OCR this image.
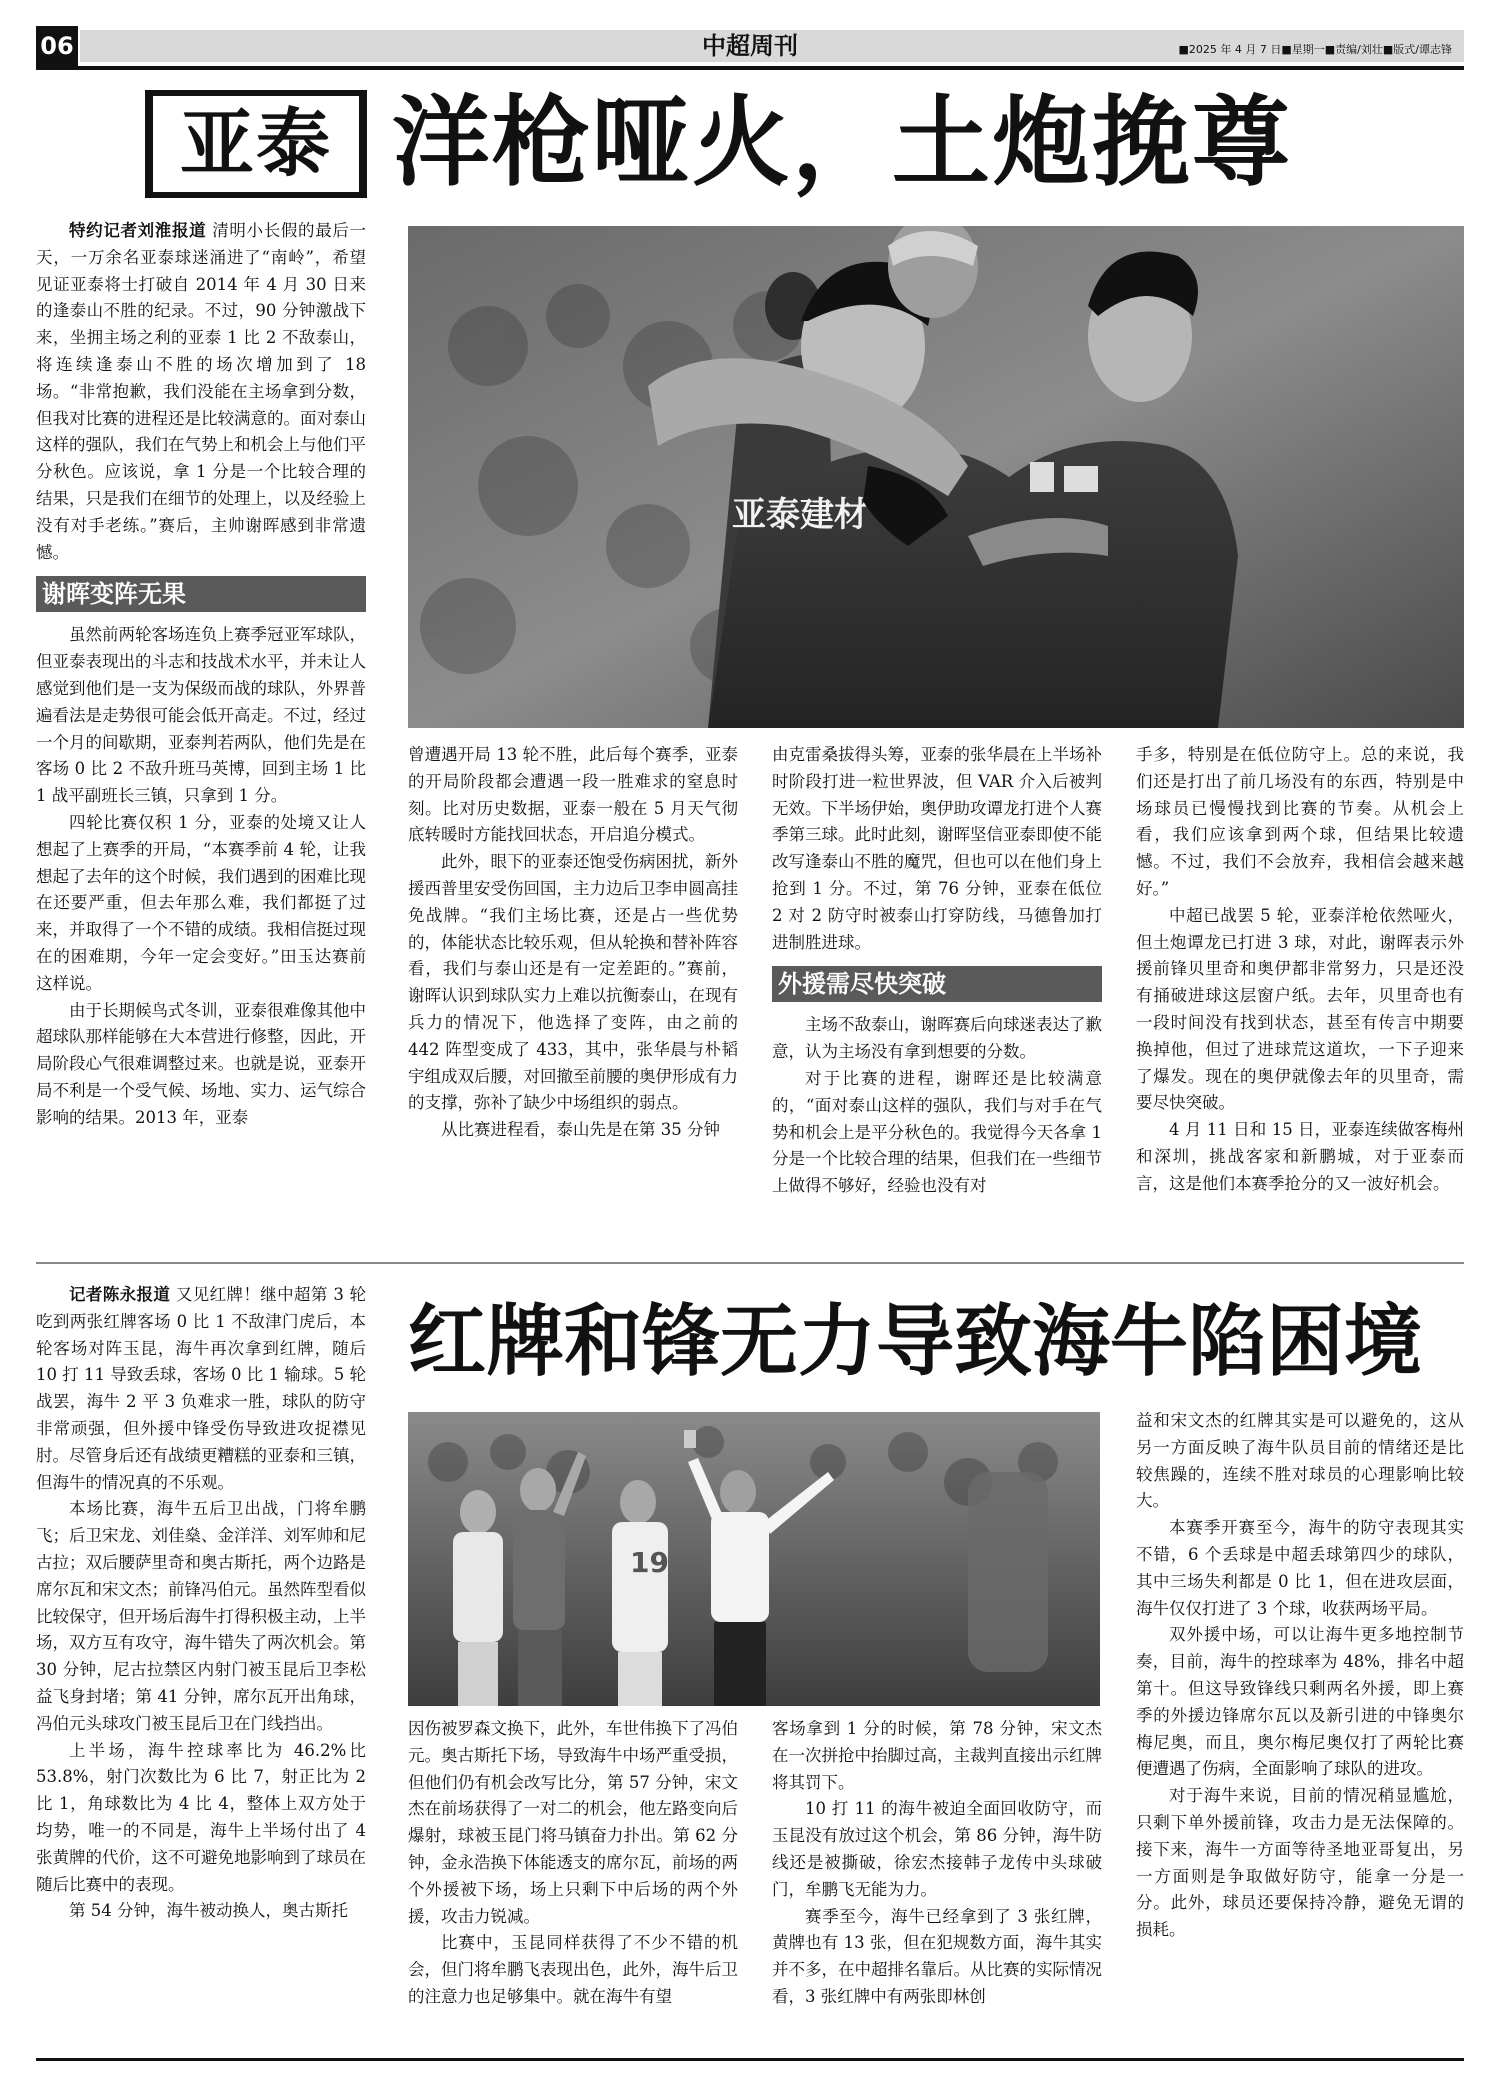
06	■2025 年 4 月 7 日■星期一■责编/刘壮■版式/谭志锋
中超周刊
亚泰 洋枪哑火，土炮挽尊

特约记者刘淮报道 清明小长假的最后一天，一万余名亚泰球迷涌进了“南岭”，希望见证亚泰将士打破自 2014 年 4 月 30 日来的逢泰山不胜的纪录。不过，90 分钟激战下来，坐拥主场之利的亚泰 1 比 2 不敌泰山，将连续逢泰山不胜的场次增加到了 18 场。“非常抱歉，我们没能在主场拿到分数，但我对比赛的进程还是比较满意的。面对泰山这样的强队，我们在气势上和机会上与他们平分秋色。应该说，拿 1 分是一个比较合理的结果，只是我们在细节的处理上，以及经验上没有对手老练。”赛后，主帅谢晖感到非常遗憾。

谢晖变阵无果

虽然前两轮客场连负上赛季冠亚军球队，但亚泰表现出的斗志和技战术水平，并未让人感觉到他们是一支为保级而战的球队，外界普遍看法是走势很可能会低开高走。不过，经过一个月的间歇期，亚泰判若两队，他们先是在客场 0 比 2 不敌升班马英博，回到主场 1 比 1 战平副班长三镇，只拿到 1 分。

四轮比赛仅积 1 分，亚泰的处境又让人想起了上赛季的开局，“本赛季前 4 轮，让我想起了去年的这个时候，我们遇到的困难比现在还要严重，但去年那么难，我们都挺了过来，并取得了一个不错的成绩。我相信挺过现在的困难期，今年一定会变好。”田玉达赛前这样说。

由于长期候鸟式冬训，亚泰很难像其他中超球队那样能够在大本营进行修整，因此，开局阶段心气很难调整过来。也就是说，亚泰开局不利是一个受气候、场地、实力、运气综合影响的结果。2013 年，亚泰

亚泰建材

曾遭遇开局 13 轮不胜，此后每个赛季，亚泰的开局阶段都会遭遇一段一胜难求的窒息时刻。比对历史数据，亚泰一般在 5 月天气彻底转暖时方能找回状态，开启追分模式。

此外，眼下的亚泰还饱受伤病困扰，新外援西普里安受伤回国，主力边后卫李申圆高挂免战牌。“我们主场比赛，还是占一些优势的，体能状态比较乐观，但从轮换和替补阵容看，我们与泰山还是有一定差距的。”赛前，谢晖认识到球队实力上难以抗衡泰山，在现有兵力的情况下，他选择了变阵，由之前的 442 阵型变成了 433，其中，张华晨与朴韬宇组成双后腰，对回撤至前腰的奥伊形成有力的支撑，弥补了缺少中场组织的弱点。

从比赛进程看，泰山先是在第 35 分钟

由克雷桑拔得头筹，亚泰的张华晨在上半场补时阶段打进一粒世界波，但 VAR 介入后被判无效。下半场伊始，奥伊助攻谭龙打进个人赛季第三球。此时此刻，谢晖坚信亚泰即使不能改写逢泰山不胜的魔咒，但也可以在他们身上抢到 1 分。不过，第 76 分钟，亚泰在低位 2 对 2 防守时被泰山打穿防线，马德鲁加打进制胜进球。

外援需尽快突破

主场不敌泰山，谢晖赛后向球迷表达了歉意，认为主场没有拿到想要的分数。

对于比赛的进程，谢晖还是比较满意的，“面对泰山这样的强队，我们与对手在气势和机会上是平分秋色的。我觉得今天各拿 1 分是一个比较合理的结果，但我们在一些细节上做得不够好，经验也没有对

手多，特别是在低位防守上。总的来说，我们还是打出了前几场没有的东西，特别是中场球员已慢慢找到比赛的节奏。从机会上看，我们应该拿到两个球，但结果比较遗憾。不过，我们不会放弃，我相信会越来越好。”

中超已战罢 5 轮，亚泰洋枪依然哑火，但土炮谭龙已打进 3 球，对此，谢晖表示外援前锋贝里奇和奥伊都非常努力，只是还没有捅破进球这层窗户纸。去年，贝里奇也有一段时间没有找到状态，甚至有传言中期要换掉他，但过了进球荒这道坎，一下子迎来了爆发。现在的奥伊就像去年的贝里奇，需要尽快突破。

4 月 11 日和 15 日，亚泰连续做客梅州和深圳，挑战客家和新鹏城，对于亚泰而言，这是他们本赛季抢分的又一波好机会。

红牌和锋无力导致海牛陷困境

记者陈永报道 又见红牌！继中超第 3 轮吃到两张红牌客场 0 比 1 不敌津门虎后，本轮客场对阵玉昆，海牛再次拿到红牌，随后 10 打 11 导致丢球，客场 0 比 1 输球。5 轮战罢，海牛 2 平 3 负难求一胜，球队的防守非常顽强，但外援中锋受伤导致进攻捉襟见肘。尽管身后还有战绩更糟糕的亚泰和三镇，但海牛的情况真的不乐观。

本场比赛，海牛五后卫出战，门将牟鹏飞；后卫宋龙、刘佳燊、金洋洋、刘军帅和尼古拉；双后腰萨里奇和奥古斯托，两个边路是席尔瓦和宋文杰；前锋冯伯元。虽然阵型看似比较保守，但开场后海牛打得积极主动，上半场，双方互有攻守，海牛错失了两次机会。第 30 分钟，尼古拉禁区内射门被玉昆后卫李松益飞身封堵；第 41 分钟，席尔瓦开出角球，冯伯元头球攻门被玉昆后卫在门线挡出。

上半场，海牛控球率比为 46.2%比 53.8%，射门次数比为 6 比 7，射正比为 2 比 1，角球数比为 4 比 4，整体上双方处于均势，唯一的不同是，海牛上半场付出了 4 张黄牌的代价，这不可避免地影响到了球员在随后比赛中的表现。

第 54 分钟，海牛被动换人，奥古斯托

19

因伤被罗森文换下，此外，车世伟换下了冯伯元。奥古斯托下场，导致海牛中场严重受损，但他们仍有机会改写比分，第 57 分钟，宋文杰在前场获得了一对二的机会，他左路变向后爆射，球被玉昆门将马镇奋力扑出。第 62 分钟，金永浩换下体能透支的席尔瓦，前场的两个外援被下场，场上只剩下中后场的两个外援，攻击力锐减。

比赛中，玉昆同样获得了不少不错的机会，但门将牟鹏飞表现出色，此外，海牛后卫的注意力也足够集中。就在海牛有望

客场拿到 1 分的时候，第 78 分钟，宋文杰在一次拼抢中抬脚过高，主裁判直接出示红牌将其罚下。

10 打 11 的海牛被迫全面回收防守，而玉昆没有放过这个机会，第 86 分钟，海牛防线还是被撕破，徐宏杰接韩子龙传中头球破门，牟鹏飞无能为力。

赛季至今，海牛已经拿到了 3 张红牌，黄牌也有 13 张，但在犯规数方面，海牛其实并不多，在中超排名靠后。从比赛的实际情况看，3 张红牌中有两张即林创

益和宋文杰的红牌其实是可以避免的，这从另一方面反映了海牛队员目前的情绪还是比较焦躁的，连续不胜对球员的心理影响比较大。

本赛季开赛至今，海牛的防守表现其实不错，6 个丢球是中超丢球第四少的球队，其中三场失利都是 0 比 1，但在进攻层面，海牛仅仅打进了 3 个球，收获两场平局。

双外援中场，可以让海牛更多地控制节奏，目前，海牛的控球率为 48%，排名中超第十。但这导致锋线只剩两名外援，即上赛季的外援边锋席尔瓦以及新引进的中锋奥尔梅尼奥，而且，奥尔梅尼奥仅打了两轮比赛便遭遇了伤病，全面影响了球队的进攻。

对于海牛来说，目前的情况稍显尴尬，只剩下单外援前锋，攻击力是无法保障的。接下来，海牛一方面等待圣地亚哥复出，另一方面则是争取做好防守，能拿一分是一分。此外，球员还要保持冷静，避免无谓的损耗。
